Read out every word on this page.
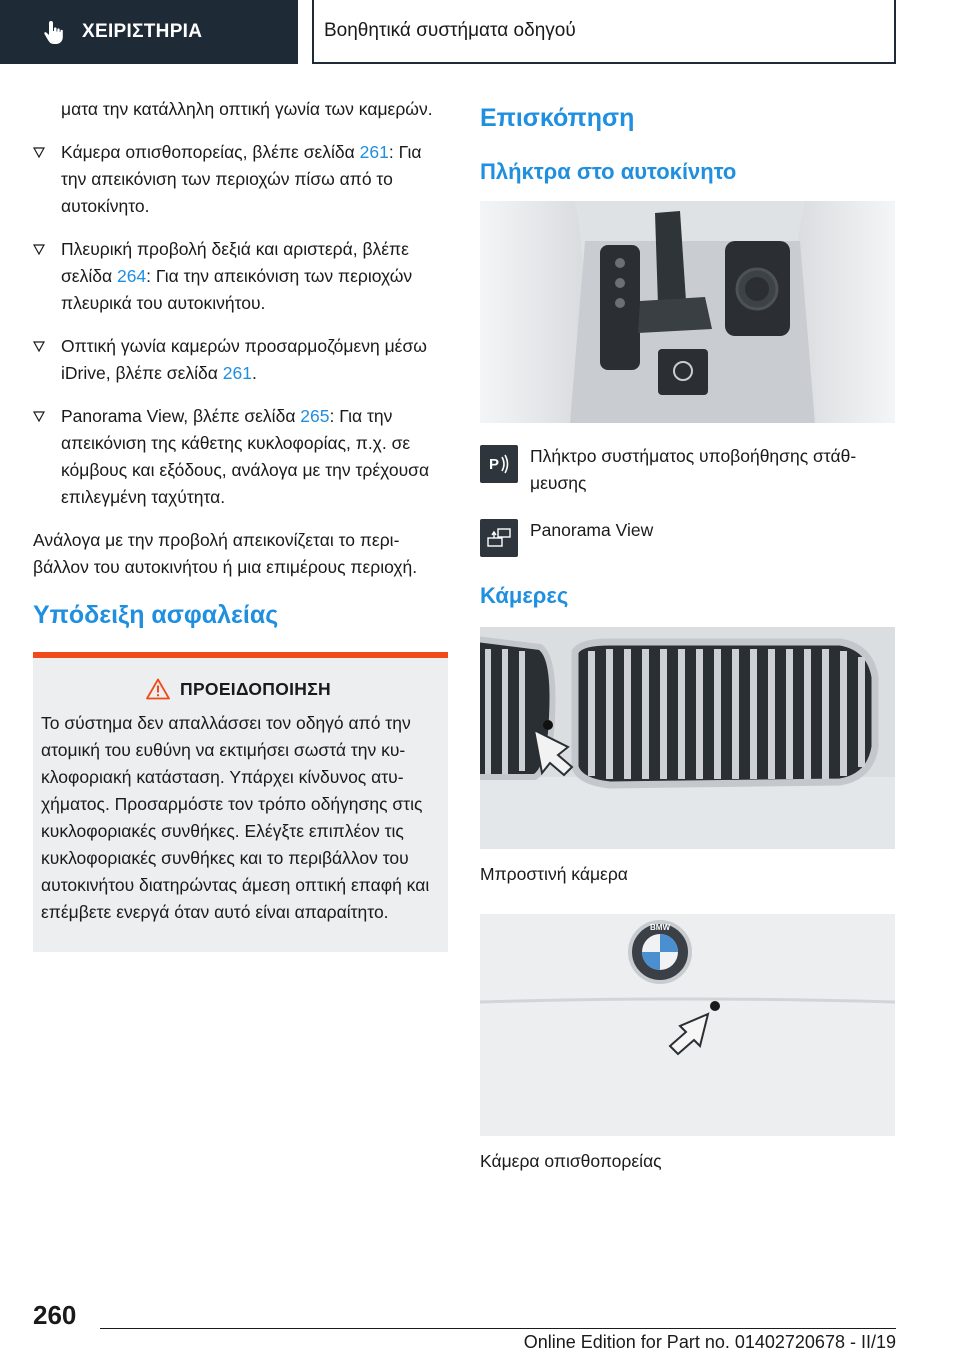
ΧΕΙΡΙΣΤΗΡΙΑ	Βοηθητικά συστήματα οδηγού

ματα την κατάλληλη οπτική γωνία των καμερών.

Κάμερα οπισθοπορείας, βλέπε σελίδα 261: Για την απεικόνιση των περιοχών πίσω από το αυτοκίνητο.
Πλευρική προβολή δεξιά και αριστερά, βλέπε σελίδα 264: Για την απεικόνιση των περιοχών πλευρικά του αυτοκινήτου.
Οπτική γωνία καμερών προσαρμοζόμενη μέσω iDrive, βλέπε σελίδα 261.
Panorama View, βλέπε σελίδα 265: Για την απεικόνιση της κάθετης κυκλοφορίας, π.χ. σε κόμβους και εξόδους, ανάλογα με την τρέχουσα επιλεγμένη ταχύτητα.

Ανάλογα με την προβολή απεικονίζεται το περιβάλλον του αυτοκινήτου ή μια επιμέρους περιοχή.

Υπόδειξη ασφαλείας
ΠΡΟΕΙΔΟΠΟΙΗΣΗ

Το σύστημα δεν απαλλάσσει τον οδηγό από την ατομική του ευθύνη να εκτιμήσει σωστά την κυκλοφοριακή κατάσταση. Υπάρχει κίνδυνος ατυχήματος. Προσαρμόστε τον τρόπο οδήγησης στις κυκλοφοριακές συνθήκες. Ελέγξτε επιπλέον τις κυκλοφοριακές συνθήκες και το περιβάλλον του αυτοκινήτου διατηρώντας άμεση οπτική επαφή και επέμβετε ενεργά όταν αυτό είναι απαραίτητο.

Επισκόπηση
Πλήκτρα στο αυτοκίνητο
P Πλήκτρο συστήματος υποβοήθησης στάθμευσης

Panorama View

Κάμερες

Μπροστινή κάμερα

BMW

Κάμερα οπισθοπορείας

260
Online Edition for Part no. 01402720678 - II/19
